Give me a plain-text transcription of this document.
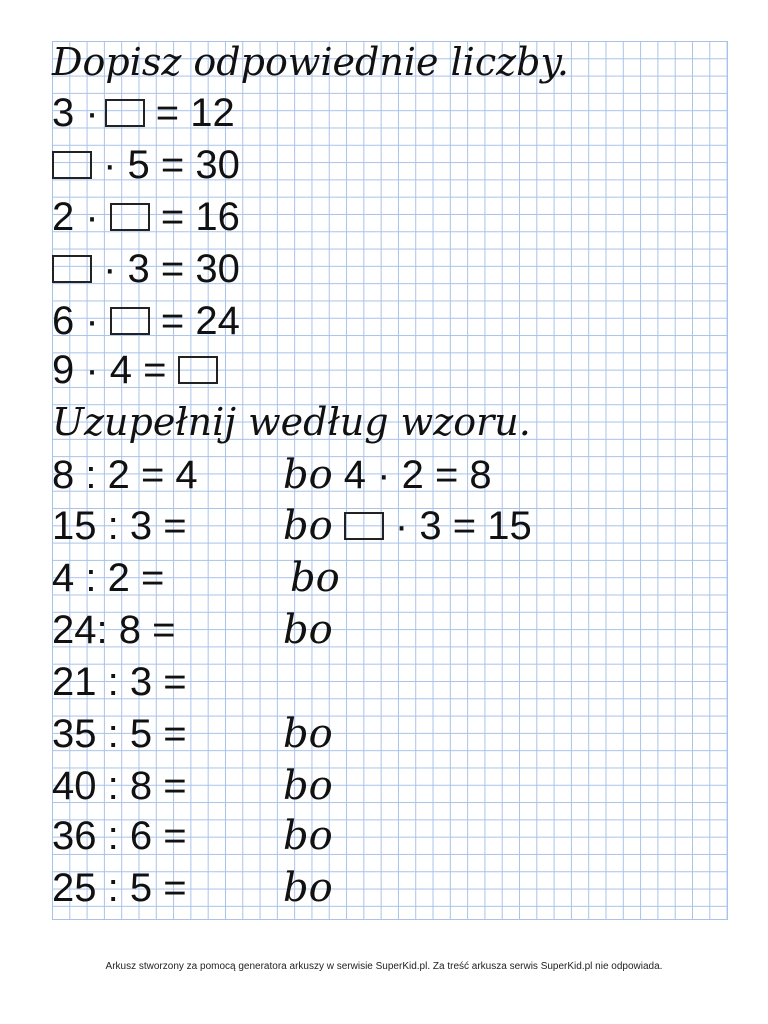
Dopisz odpowiednie liczby.
3 · = 12
· 5 = 30
2 · = 16
· 3 = 30
6 · = 24
9 · 4 =
Uzupełnij według wzoru.
8 : 2 = 4 bo 4 · 2 = 8
15 : 3 = bo
· 3 = 15
4 : 2 =	bo
24: 8 =	bo
21 : 3 =
35 : 5 = bo
40 : 8 = bo
36 : 6 = bo
25 : 5 = bo
Arkusz stworzony za pomocą generatora arkuszy w serwisie SuperKid.pl. Za treść arkusza serwis SuperKid.pl nie odpowiada.
